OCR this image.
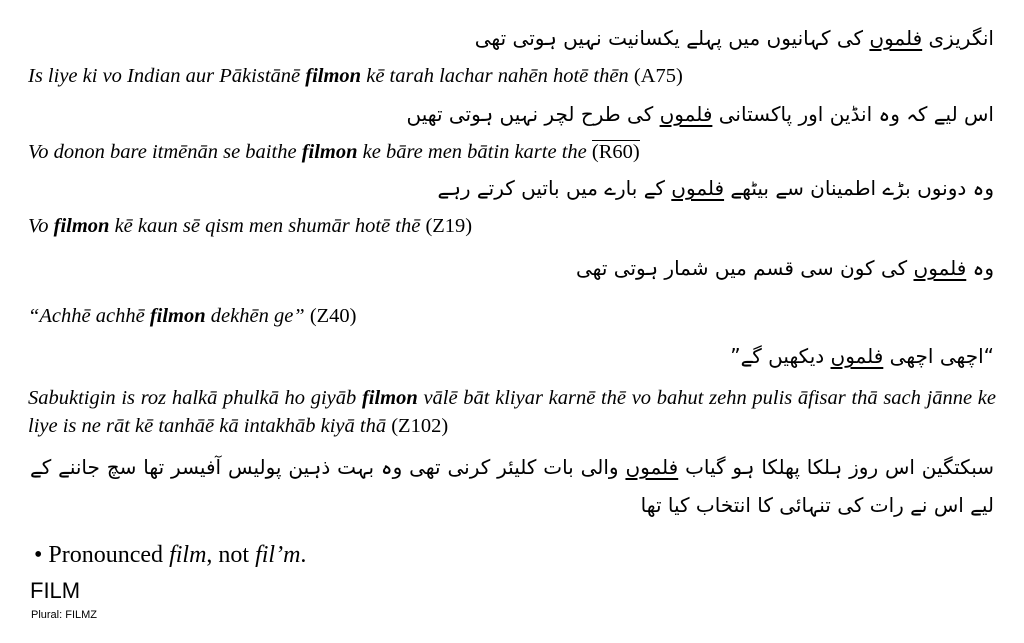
انگریزی فلموں کی کہانیوں میں پہلے یکسانیت نہیں ہوتی تھی
Is liye ki vo Indian aur Pākistānē filmon kē tarah lachar nahēn hotē thēn (A75)
اس لیے کہ وہ انڈین اور پاکستانی فلموں کی طرح لچر نہیں ہوتی تھیں
Vo donon bare itmēnān se baithe filmon ke bāre men bātin karte the (R60)
وہ دونوں بڑے اطمینان سے بیٹھے فلموں کے بارے میں باتیں کرتے رہے
Vo filmon kē kaun sē qism men shumār hotē thē (Z19)
وہ فلموں کی کون سی قسم میں شمار ہوتی تھی
“Achhē achhē filmon dekhēn ge” (Z40)
“اچھی اچھی فلموں دیکھیں گے”
Sabuktigin is roz halkā phulkā ho giyāb filmon vālē bāt kliyar karnē thē vo bahut zehn pulis āfisar thā sach jānne ke liye is ne rāt kē tanhāē kā intakhāb kiyā thā (Z102)
سبکتگین اس روز ہلکا پھلکا ہو گیاب فلموں والی بات کلیئر کرنی تھی وہ بہت ذہین پولیس آفیسر تھا سچ جاننے کے لیے اس نے رات کی تنہائی کا انتخاب کیا تھا
• Pronounced film, not fil’m.
FILM
Plural: FILMZ
